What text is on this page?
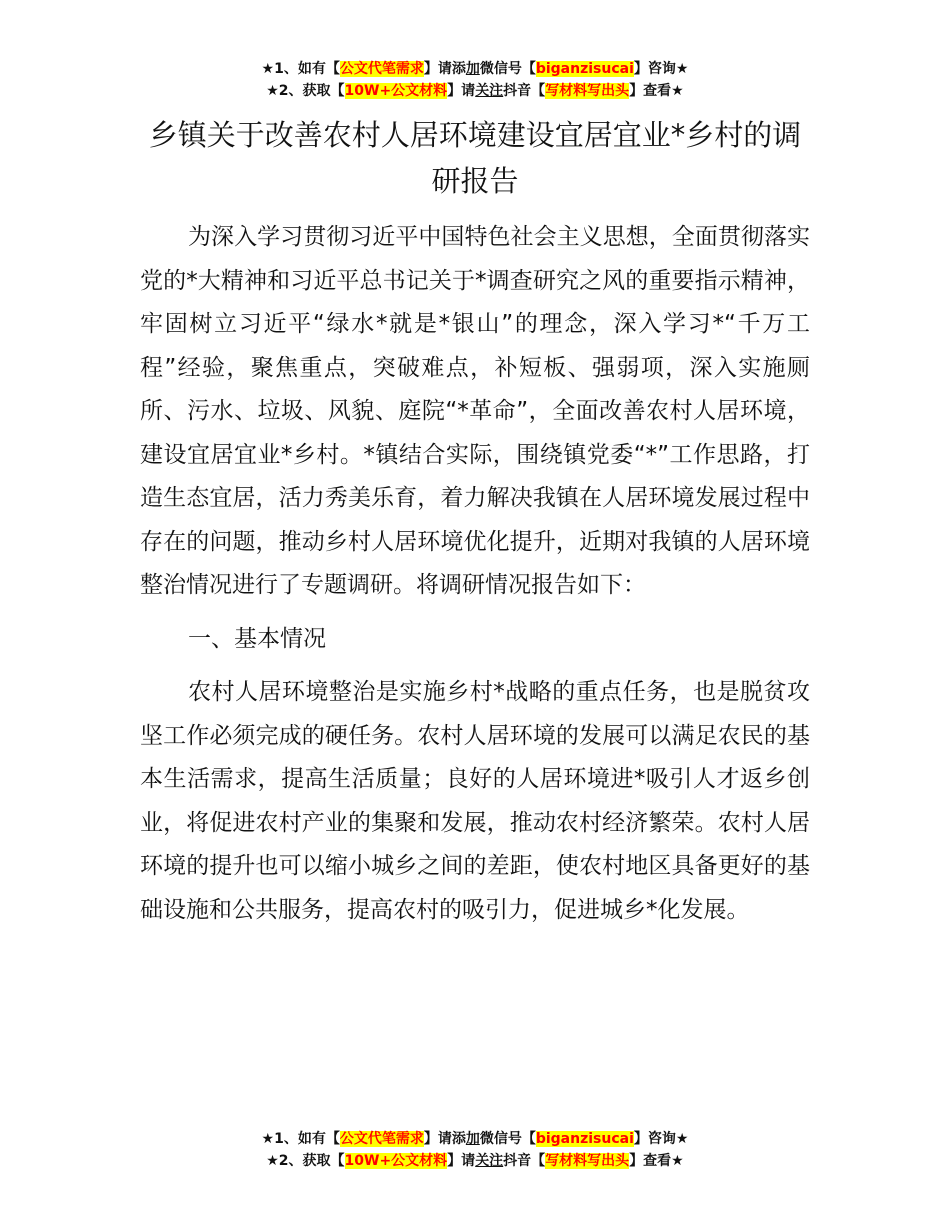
★1、如有【公文代笔需求】请添加微信号【biganzisucai】咨询★
★2、获取【10W+公文材料】请关注抖音【写材料写出头】查看★
乡镇关于改善农村人居环境建设宜居宜业*乡村的调研报告

为深入学习贯彻习近平中国特色社会主义思想，全面贯彻落实党的*大精神和习近平总书记关于*调查研究之风的重要指示精神，牢固树立习近平“绿水*就是*银山”的理念，深入学习*“千万工程”经验，聚焦重点，突破难点，补短板、强弱项，深入实施厕所、污水、垃圾、风貌、庭院“*革命”，全面改善农村人居环境，建设宜居宜业*乡村。*镇结合实际，围绕镇党委“*”工作思路，打造生态宜居，活力秀美乐育，着力解决我镇在人居环境发展过程中存在的问题，推动乡村人居环境优化提升，近期对我镇的人居环境整治情况进行了专题调研。将调研情况报告如下：

一、基本情况

农村人居环境整治是实施乡村*战略的重点任务，也是脱贫攻坚工作必须完成的硬任务。农村人居环境的发展可以满足农民的基本生活需求，提高生活质量；良好的人居环境进*吸引人才返乡创业，将促进农村产业的集聚和发展，推动农村经济繁荣。农村人居环境的提升也可以缩小城乡之间的差距，使农村地区具备更好的基础设施和公共服务，提高农村的吸引力，促进城乡*化发展。

★1、如有【公文代笔需求】请添加微信号【biganzisucai】咨询★
★2、获取【10W+公文材料】请关注抖音【写材料写出头】查看★
